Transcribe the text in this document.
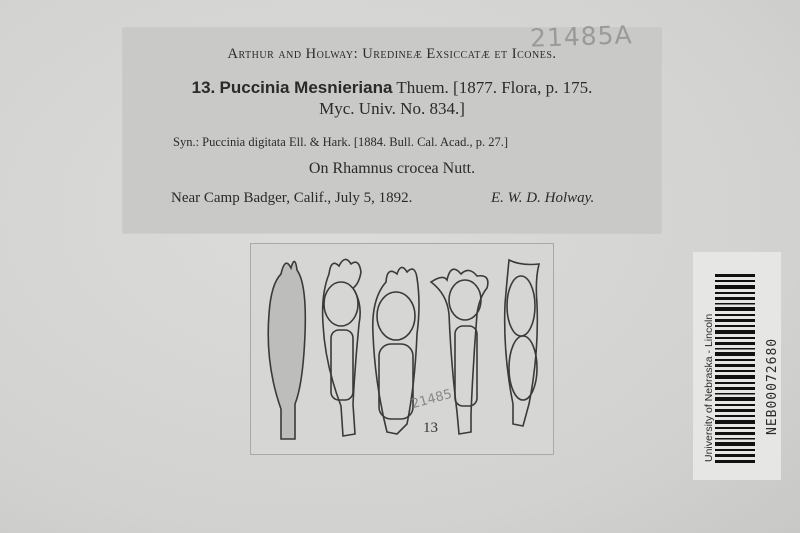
Arthur and Holway: Uredineæ Exsiccatæ et Icones.
13. Puccinia Mesnieriana Thuem. [1877. Flora, p. 175.
Myc. Univ. No. 834.]
Syn.: Puccinia digitata Ell. & Hark. [1884. Bull. Cal. Acad., p. 27.]
On Rhamnus crocea Nutt.
Near Camp Badger, Calif., July 5, 1892.	E. W. D. Holway.
21485A
21485
13	University of Nebraska - Lincoln	NEB00072680
